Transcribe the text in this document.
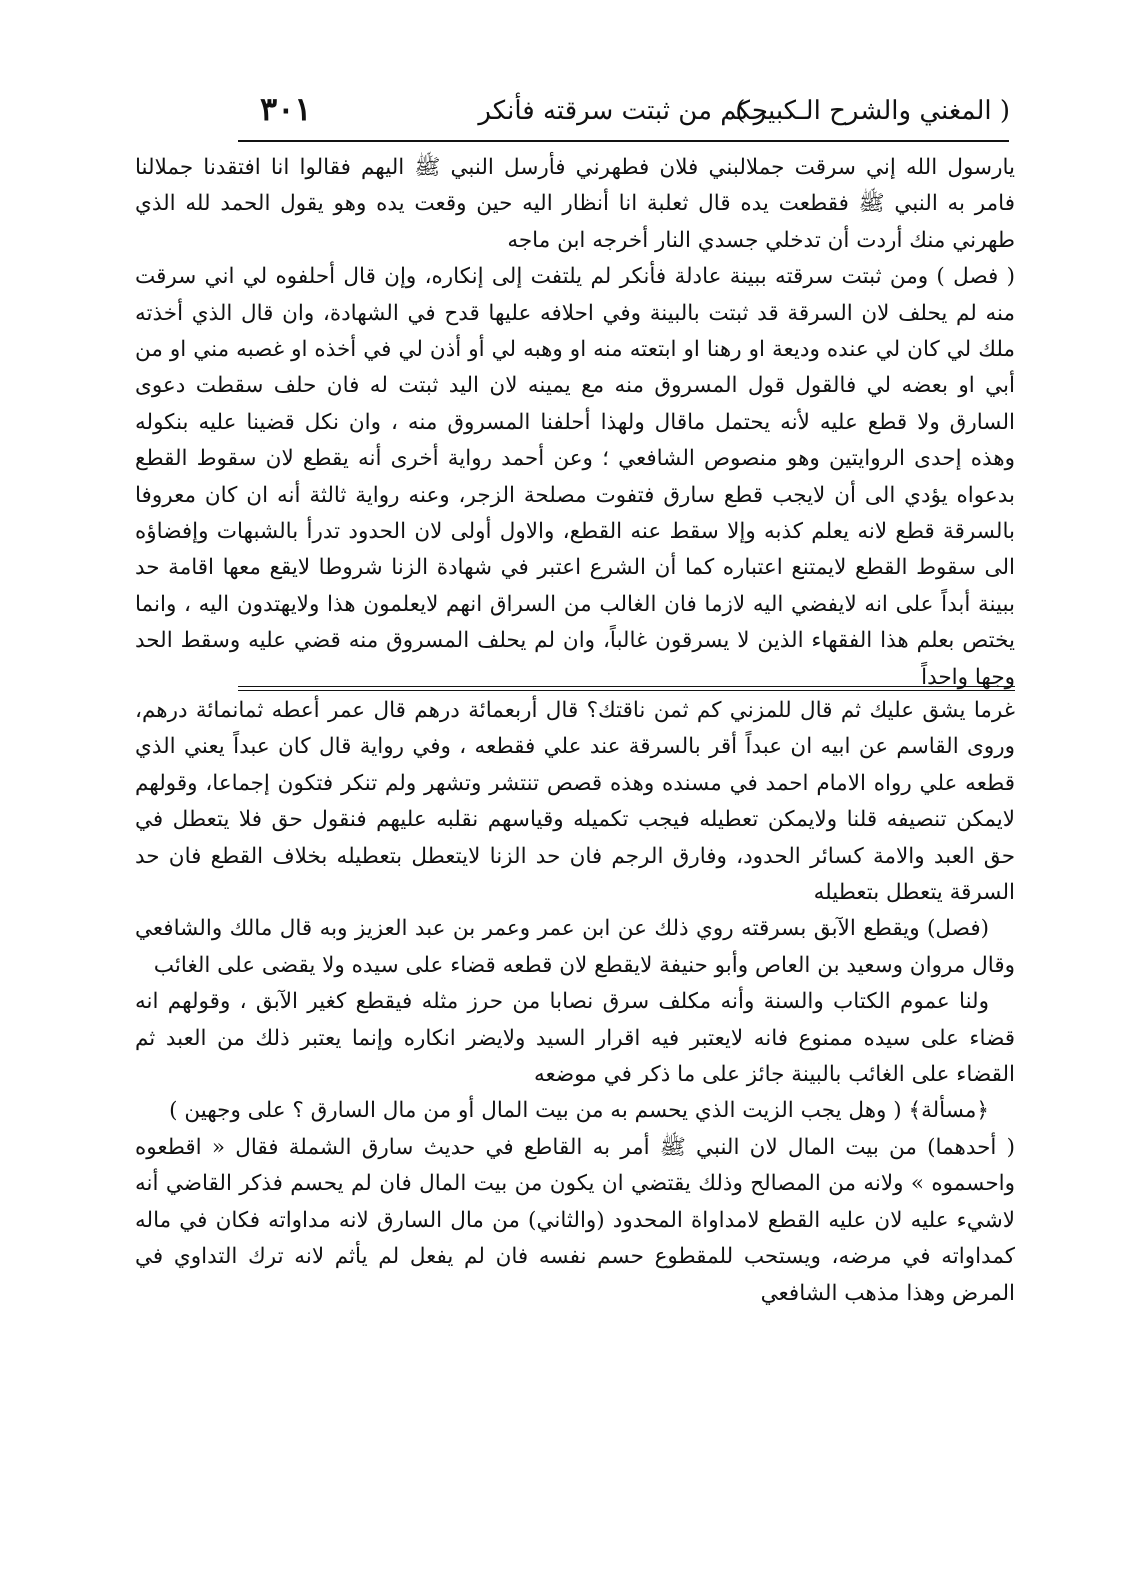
( المغني والشرح الـكبير )
حكم من ثبتت سرقته فأنكر
٣٠١

يارسول الله إني سرقت جملالبني فلان فطهرني فأرسل النبي ﷺ اليهم فقالوا انا افتقدنا جملالنا فامر به النبي ﷺ فقطعت يده قال ثعلبة انا أنظار اليه حين وقعت يده وهو يقول الحمد لله الذي طهرني منك أردت أن تدخلي جسدي النار أخرجه ابن ماجه

( فصل ) ومن ثبتت سرقته ببينة عادلة فأنكر لم يلتفت إلى إنكاره، وإن قال أحلفوه لي اني سرقت منه لم يحلف لان السرقة قد ثبتت بالبينة وفي احلافه عليها قدح في الشهادة، وان قال الذي أخذته ملك لي كان لي عنده وديعة او رهنا او ابتعته منه او وهبه لي أو أذن لي في أخذه او غصبه مني او من أبي او بعضه لي فالقول قول المسروق منه مع يمينه لان اليد ثبتت له فان حلف سقطت دعوى السارق ولا قطع عليه لأنه يحتمل ماقال ولهذا أحلفنا المسروق منه ، وان نكل قضينا عليه بنكوله وهذه إحدى الروايتين وهو منصوص الشافعي ؛ وعن أحمد رواية أخرى أنه يقطع لان سقوط القطع بدعواه يؤدي الى أن لايجب قطع سارق فتفوت مصلحة الزجر، وعنه رواية ثالثة أنه ان كان معروفا بالسرقة قطع لانه يعلم كذبه وإلا سقط عنه القطع، والاول أولى لان الحدود تدرأ بالشبهات وإفضاؤه الى سقوط القطع لايمتنع اعتباره كما أن الشرع اعتبر في شهادة الزنا شروطا لايقع معها اقامة حد ببينة أبداً على انه لايفضي اليه لازما فان الغالب من السراق انهم لايعلمون هذا ولايهتدون اليه ، وانما يختص بعلم هذا الفقهاء الذين لا يسرقون غالباً، وان لم يحلف المسروق منه قضي عليه وسقط الحد وجها واحداً

غرما يشق عليك ثم قال للمزني كم ثمن ناقتك؟ قال أربعمائة درهم قال عمر أعطه ثمانمائة درهم، وروى القاسم عن ابيه ان عبداً أقر بالسرقة عند علي فقطعه ، وفي رواية قال كان عبداً يعني الذي قطعه علي رواه الامام احمد في مسنده وهذه قصص تنتشر وتشهر ولم تنكر فتكون إجماعا، وقولهم لايمكن تنصيفه قلنا ولايمكن تعطيله فيجب تكميله وقياسهم نقلبه عليهم فنقول حق فلا يتعطل في حق العبد والامة كسائر الحدود، وفارق الرجم فان حد الزنا لايتعطل بتعطيله بخلاف القطع فان حد السرقة يتعطل بتعطيله

(فصل) ويقطع الآبق بسرقته روي ذلك عن ابن عمر وعمر بن عبد العزيز وبه قال مالك والشافعي وقال مروان وسعيد بن العاص وأبو حنيفة لايقطع لان قطعه قضاء على سيده ولا يقضى على الغائب

ولنا عموم الكتاب والسنة وأنه مكلف سرق نصابا من حرز مثله فيقطع كغير الآبق ، وقولهم انه قضاء على سيده ممنوع فانه لايعتبر فيه اقرار السيد ولايضر انكاره وإنما يعتبر ذلك من العبد ثم القضاء على الغائب بالبينة جائز على ما ذكر في موضعه

﴿مسألة﴾ ( وهل يجب الزيت الذي يحسم به من بيت المال أو من مال السارق ؟ على وجهين )

( أحدهما) من بيت المال لان النبي ﷺ أمر به القاطع في حديث سارق الشملة فقال « اقطعوه واحسموه » ولانه من المصالح وذلك يقتضي ان يكون من بيت المال فان لم يحسم فذكر القاضي أنه لاشيء عليه لان عليه القطع لامداواة المحدود (والثاني) من مال السارق لانه مداواته فكان في ماله كمداواته في مرضه، ويستحب للمقطوع حسم نفسه فان لم يفعل لم يأثم لانه ترك التداوي في المرض وهذا مذهب الشافعي
